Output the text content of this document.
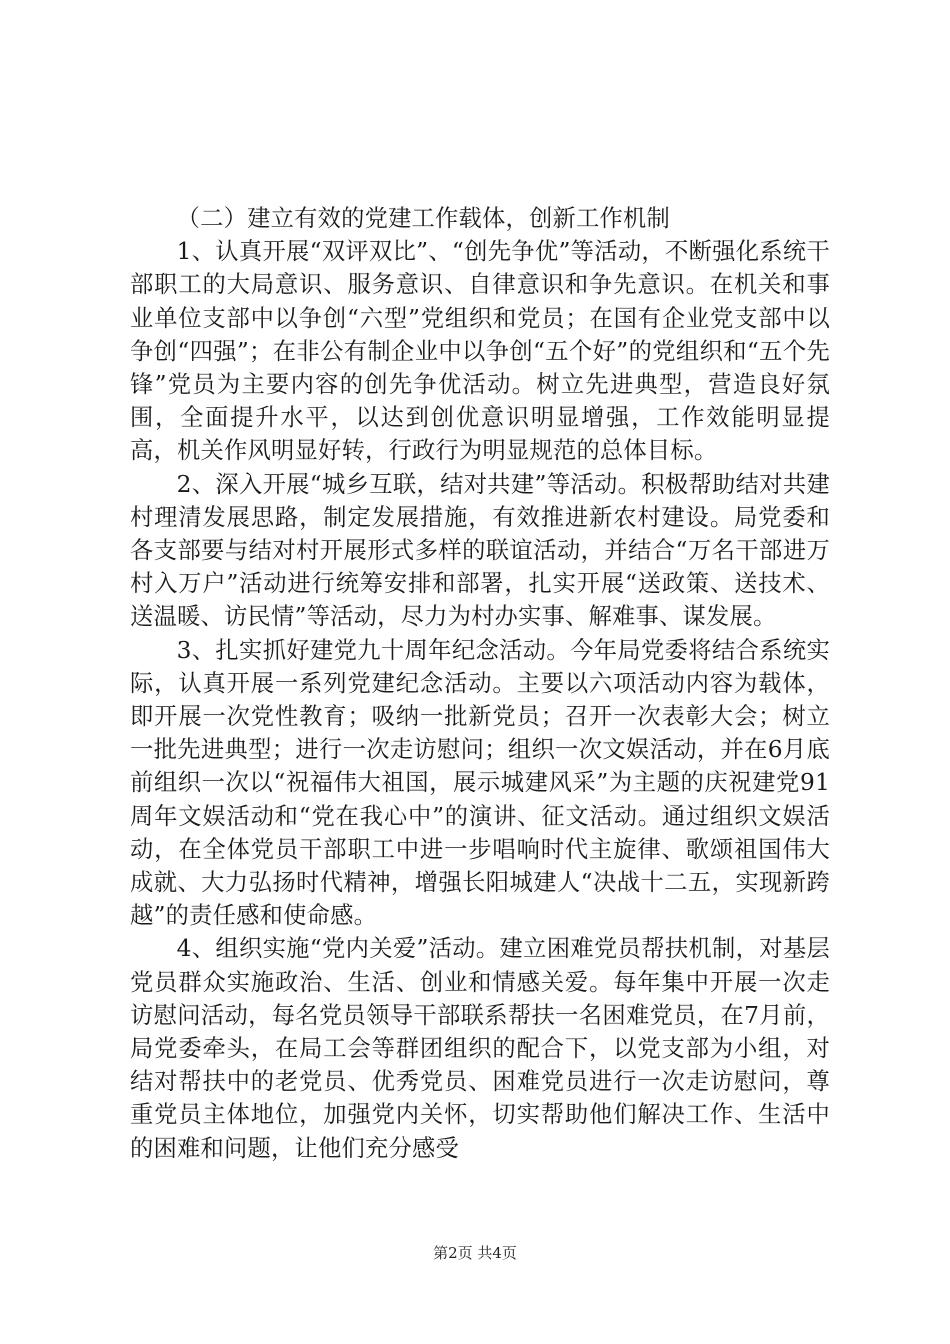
（二）建立有效的党建工作载体，创新工作机制

1、认真开展“双评双比”、“创先争优”等活动，不断强化系统干部职工的大局意识、服务意识、自律意识和争先意识。在机关和事业单位支部中以争创“六型”党组织和党员；在国有企业党支部中以争创“四强”；在非公有制企业中以争创“五个好”的党组织和“五个先锋”党员为主要内容的创先争优活动。树立先进典型，营造良好氛围，全面提升水平，以达到创优意识明显增强，工作效能明显提高，机关作风明显好转，行政行为明显规范的总体目标。

2、深入开展“城乡互联，结对共建”等活动。积极帮助结对共建村理清发展思路，制定发展措施，有效推进新农村建设。局党委和各支部要与结对村开展形式多样的联谊活动，并结合“万名干部进万村入万户”活动进行统筹安排和部署，扎实开展“送政策、送技术、送温暖、访民情”等活动，尽力为村办实事、解难事、谋发展。

3、扎实抓好建党九十周年纪念活动。今年局党委将结合系统实际，认真开展一系列党建纪念活动。主要以六项活动内容为载体，即开展一次党性教育；吸纳一批新党员；召开一次表彰大会；树立一批先进典型；进行一次走访慰问；组织一次文娱活动，并在6月底前组织一次以“祝福伟大祖国，展示城建风采”为主题的庆祝建党91周年文娱活动和“党在我心中”的演讲、征文活动。通过组织文娱活动，在全体党员干部职工中进一步唱响时代主旋律、歌颂祖国伟大成就、大力弘扬时代精神，增强长阳城建人“决战十二五，实现新跨越”的责任感和使命感。

4、组织实施“党内关爱”活动。建立困难党员帮扶机制，对基层党员群众实施政治、生活、创业和情感关爱。每年集中开展一次走访慰问活动，每名党员领导干部联系帮扶一名困难党员，在7月前，局党委牵头，在局工会等群团组织的配合下，以党支部为小组，对结对帮扶中的老党员、优秀党员、困难党员进行一次走访慰问，尊重党员主体地位，加强党内关怀，切实帮助他们解决工作、生活中的困难和问题，让他们充分感受

第2页 共4页
